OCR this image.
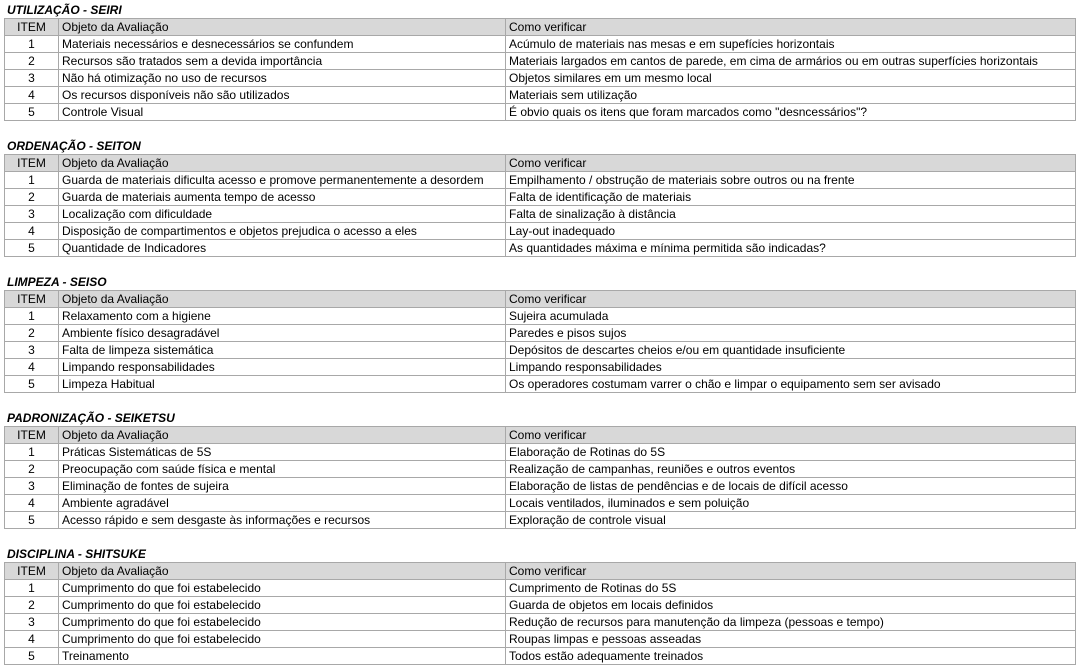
UTILIZAÇÃO - SEIRI
ITEM	Objeto da Avaliação	Como verificar
1	Materiais necessários e desnecessários se confundem	Acúmulo de materiais nas mesas e em supefícies horizontais
2	Recursos são tratados sem a devida importância	Materiais largados em cantos de parede, em cima de armários ou em outras superfícies horizontais
3	Não há otimização no uso de recursos	Objetos similares em um mesmo local
4	Os recursos disponíveis não são utilizados	Materiais sem utilização
5	Controle Visual	É obvio quais os itens que foram marcados como "desncessários"?
ORDENAÇÃO - SEITON
ITEM	Objeto da Avaliação	Como verificar
1	Guarda de materiais dificulta acesso e promove permanentemente a desordem	Empilhamento / obstrução de materiais sobre outros ou na frente
2	Guarda de materiais aumenta tempo de acesso	Falta de identificação de materiais
3	Localização com dificuldade	Falta de sinalização à distância
4	Disposição de compartimentos e objetos prejudica o acesso a eles	Lay-out inadequado
5	Quantidade de Indicadores	As quantidades máxima e mínima permitida são indicadas?
LIMPEZA - SEISO
ITEM	Objeto da Avaliação	Como verificar
1	Relaxamento com a higiene	Sujeira acumulada
2	Ambiente físico desagradável	Paredes e pisos sujos
3	Falta de limpeza sistemática	Depósitos de descartes cheios e/ou em quantidade insuficiente
4	Limpando responsabilidades	Limpando responsabilidades
5	Limpeza Habitual	Os operadores costumam varrer o chão e limpar o equipamento sem ser avisado
PADRONIZAÇÃO - SEIKETSU
ITEM	Objeto da Avaliação	Como verificar
1	Práticas Sistemáticas de 5S	Elaboração de Rotinas do 5S
2	Preocupação com saúde física e mental	Realização de campanhas, reuniões e outros eventos
3	Eliminação de fontes de sujeira	Elaboração de listas de pendências e de locais de difícil acesso
4	Ambiente agradável	Locais ventilados, iluminados e sem poluição
5	Acesso rápido e sem desgaste às informações e recursos	Exploração de controle visual
DISCIPLINA - SHITSUKE
ITEM	Objeto da Avaliação	Como verificar
1	Cumprimento do que foi estabelecido	Cumprimento de Rotinas do 5S
2	Cumprimento do que foi estabelecido	Guarda de objetos em locais definidos
3	Cumprimento do que foi estabelecido	Redução de recursos para manutenção da limpeza (pessoas e tempo)
4	Cumprimento do que foi estabelecido	Roupas limpas e pessoas asseadas
5	Treinamento	Todos estão adequamente treinados
